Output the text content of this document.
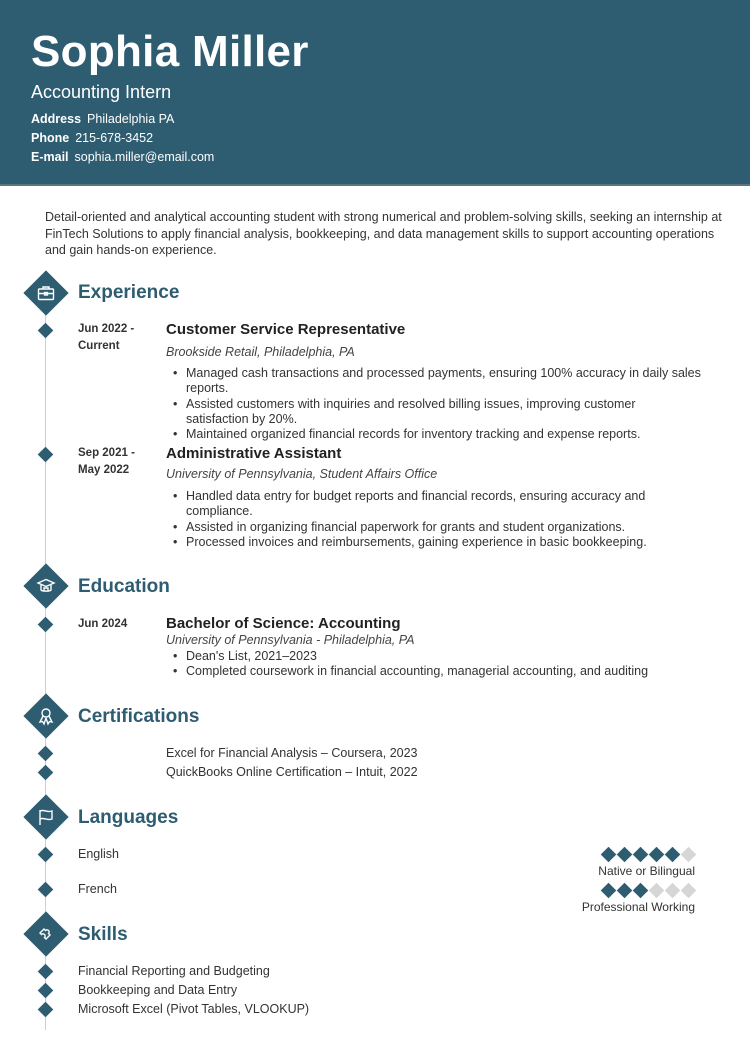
Sophia Miller
Accounting Intern
Address Philadelphia PA
Phone 215-678-3452
E-mail sophia.miller@email.com
Detail-oriented and analytical accounting student with strong numerical and problem-solving skills, seeking an internship at FinTech Solutions to apply financial analysis, bookkeeping, and data management skills to support accounting operations and gain hands-on experience.
Experience
Jun 2022 -
Current
Customer Service Representative
Brookside Retail, Philadelphia, PA
• Managed cash transactions and processed payments, ensuring 100% accuracy in daily sales reports.
• Assisted customers with inquiries and resolved billing issues, improving customer satisfaction by 20%.
• Maintained organized financial records for inventory tracking and expense reports.
Sep 2021 -
May 2022
Administrative Assistant
University of Pennsylvania, Student Affairs Office
• Handled data entry for budget reports and financial records, ensuring accuracy and compliance.
• Assisted in organizing financial paperwork for grants and student organizations.
• Processed invoices and reimbursements, gaining experience in basic bookkeeping.
Education
Jun 2024	Bachelor of Science: Accounting
University of Pennsylvania - Philadelphia, PA
• Dean's List, 2021–2023
• Completed coursework in financial accounting, managerial accounting, and auditing
Certifications
Excel for Financial Analysis – Coursera, 2023
QuickBooks Online Certification – Intuit, 2022
Languages
English
Native or Bilingual
French
Professional Working
Skills
Financial Reporting and Budgeting
Bookkeeping and Data Entry
Microsoft Excel (Pivot Tables, VLOOKUP)
